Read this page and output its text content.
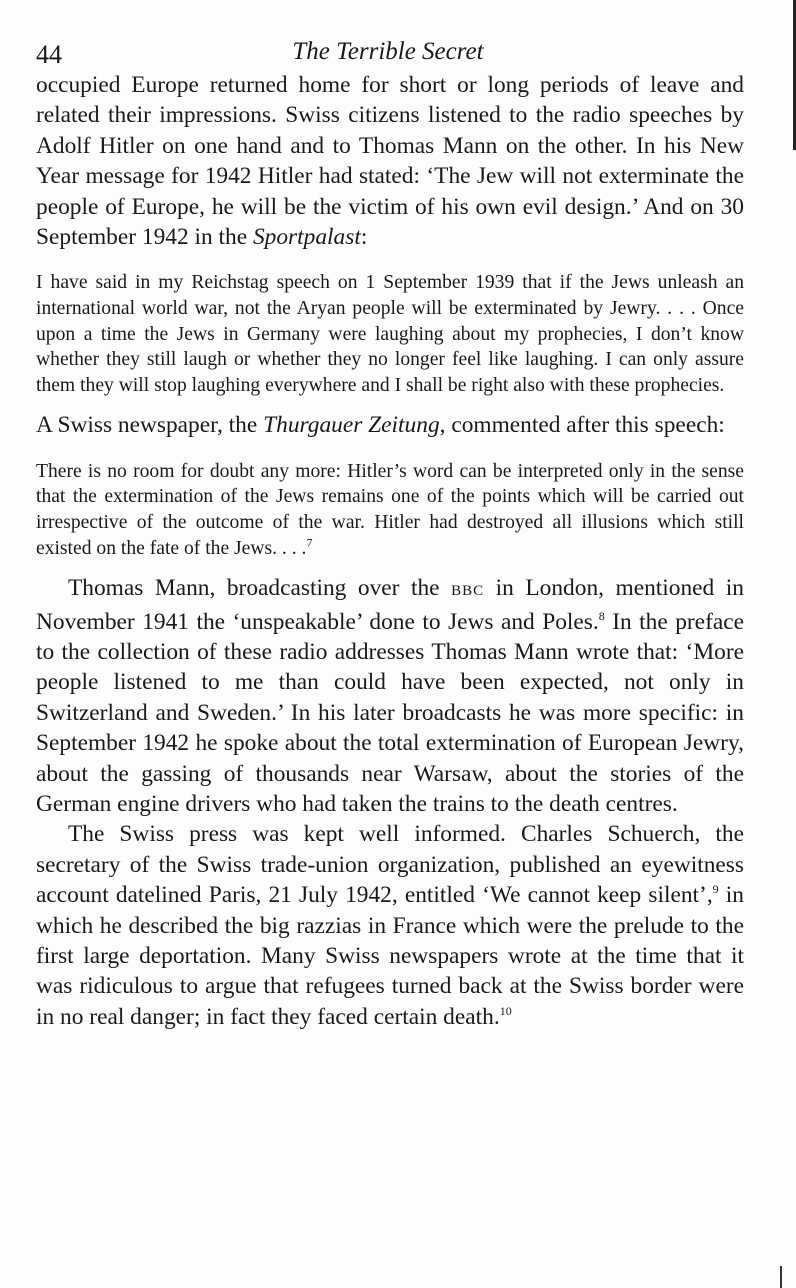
44	The Terrible Secret

occupied Europe returned home for short or long periods of leave and related their impressions. Swiss citizens listened to the radio speeches by Adolf Hitler on one hand and to Thomas Mann on the other. In his New Year message for 1942 Hitler had stated: ‘The Jew will not exterminate the people of Europe, he will be the victim of his own evil design.’ And on 30 September 1942 in the Sportpalast:

I have said in my Reichstag speech on 1 September 1939 that if the Jews unleash an international world war, not the Aryan people will be exterminated by Jewry. . . . Once upon a time the Jews in Germany were laughing about my prophecies, I don’t know whether they still laugh or whether they no longer feel like laughing. I can only assure them they will stop laughing everywhere and I shall be right also with these prophecies.

A Swiss newspaper, the Thurgauer Zeitung, commented after this speech:

There is no room for doubt any more: Hitler’s word can be interpreted only in the sense that the extermination of the Jews remains one of the points which will be carried out irrespective of the outcome of the war. Hitler had destroyed all illusions which still existed on the fate of the Jews. . . .$^7$

Thomas Mann, broadcasting over the BBC in London, mentioned in November 1941 the ‘unspeakable’ done to Jews and Poles.$^8$ In the preface to the collection of these radio addresses Thomas Mann wrote that: ‘More people listened to me than could have been expected, not only in Switzerland and Sweden.’ In his later broadcasts he was more specific: in September 1942 he spoke about the total extermination of European Jewry, about the gassing of thousands near Warsaw, about the stories of the German engine drivers who had taken the trains to the death centres.

The Swiss press was kept well informed. Charles Schuerch, the secretary of the Swiss trade-union organization, published an eyewitness account datelined Paris, 21 July 1942, entitled ‘We cannot keep silent’,$^9$ in which he described the big razzias in France which were the prelude to the first large deportation. Many Swiss newspapers wrote at the time that it was ridiculous to argue that refugees turned back at the Swiss border were in no real danger; in fact they faced certain death.$^{10}$
